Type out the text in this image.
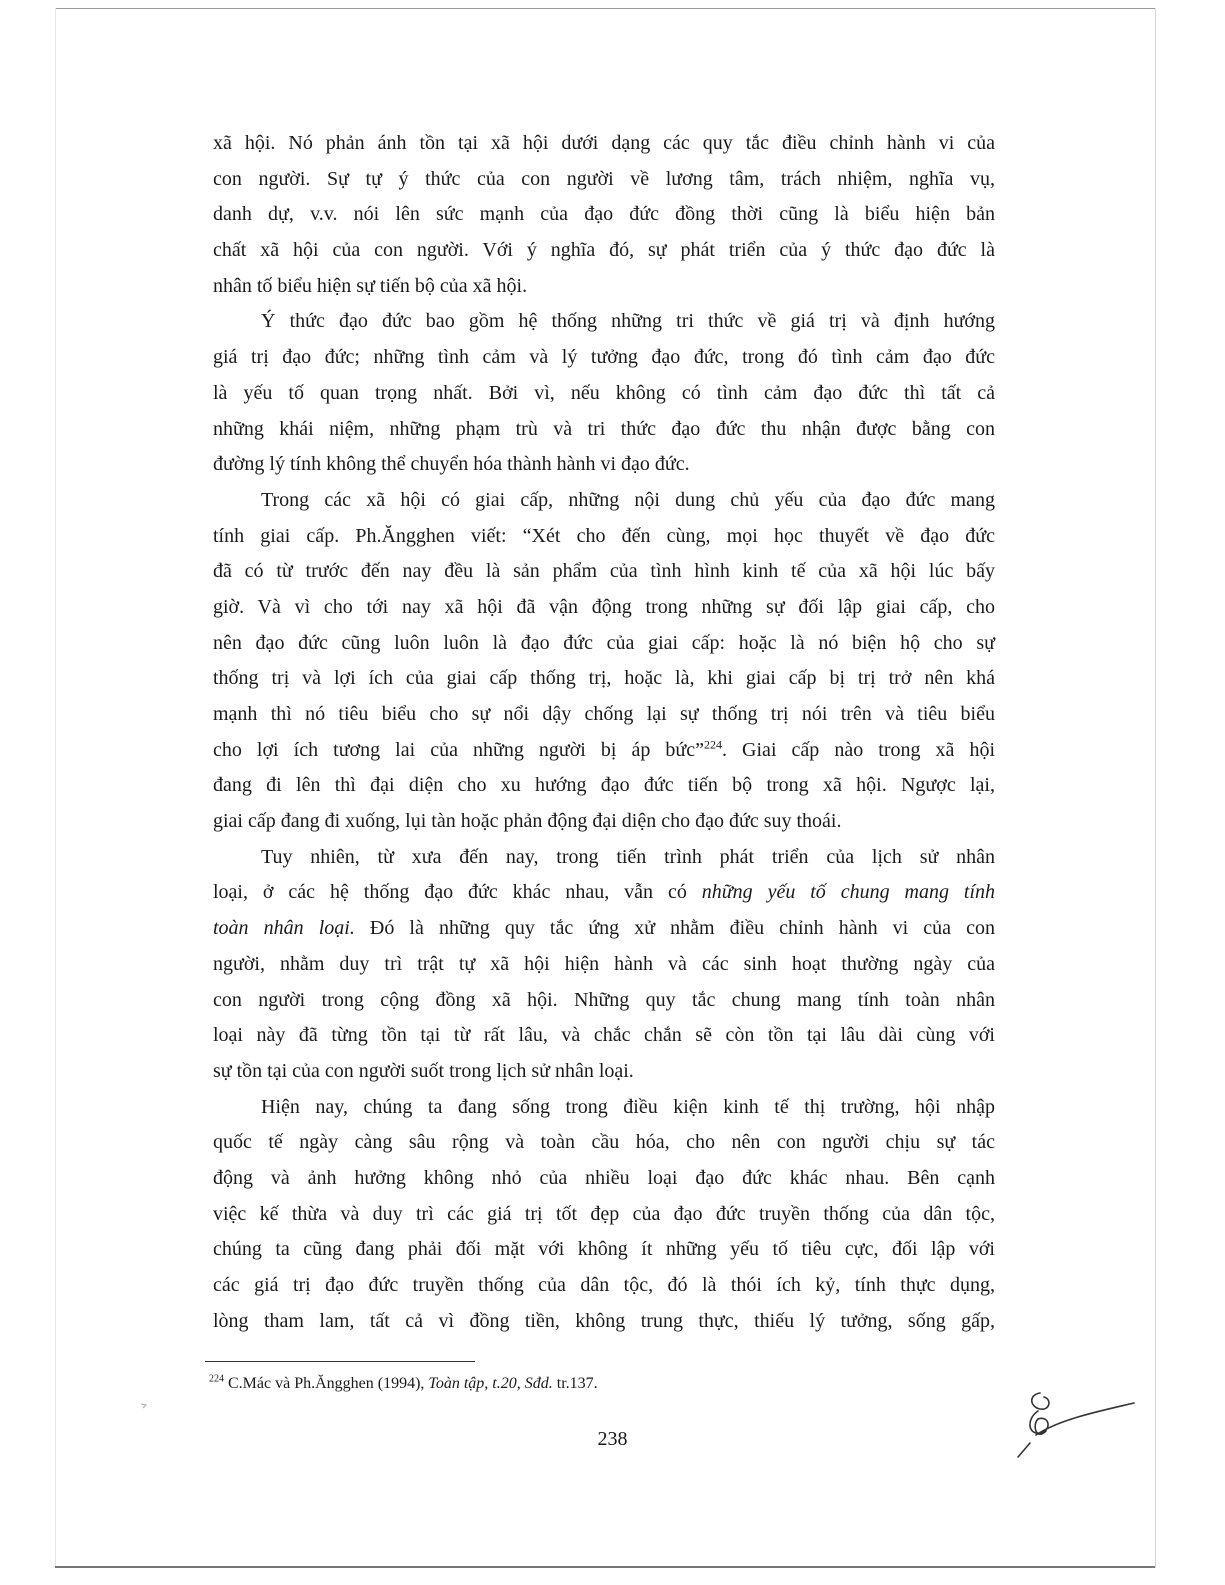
xã hội. Nó phản ánh tồn tại xã hội dưới dạng các quy tắc điều chỉnh hành vi của
con người. Sự tự ý thức của con người về lương tâm, trách nhiệm, nghĩa vụ,
danh dự, v.v. nói lên sức mạnh của đạo đức đồng thời cũng là biểu hiện bản
chất xã hội của con người. Với ý nghĩa đó, sự phát triển của ý thức đạo đức là
nhân tố biểu hiện sự tiến bộ của xã hội.
Ý thức đạo đức bao gồm hệ thống những tri thức về giá trị và định hướng
giá trị đạo đức; những tình cảm và lý tưởng đạo đức, trong đó tình cảm đạo đức
là yếu tố quan trọng nhất. Bởi vì, nếu không có tình cảm đạo đức thì tất cả
những khái niệm, những phạm trù và tri thức đạo đức thu nhận được bằng con
đường lý tính không thể chuyển hóa thành hành vi đạo đức.
Trong các xã hội có giai cấp, những nội dung chủ yếu của đạo đức mang
tính giai cấp. Ph.Ăngghen viết: “Xét cho đến cùng, mọi học thuyết về đạo đức
đã có từ trước đến nay đều là sản phẩm của tình hình kinh tế của xã hội lúc bấy
giờ. Và vì cho tới nay xã hội đã vận động trong những sự đối lập giai cấp, cho
nên đạo đức cũng luôn luôn là đạo đức của giai cấp: hoặc là nó biện hộ cho sự
thống trị và lợi ích của giai cấp thống trị, hoặc là, khi giai cấp bị trị trở nên khá
mạnh thì nó tiêu biểu cho sự nổi dậy chống lại sự thống trị nói trên và tiêu biểu
cho lợi ích tương lai của những người bị áp bức”$^{224}$. Giai cấp nào trong xã hội
đang đi lên thì đại diện cho xu hướng đạo đức tiến bộ trong xã hội. Ngược lại,
giai cấp đang đi xuống, lụi tàn hoặc phản động đại diện cho đạo đức suy thoái.
Tuy nhiên, từ xưa đến nay, trong tiến trình phát triển của lịch sử nhân
loại, ở các hệ thống đạo đức khác nhau, vẫn có những yếu tố chung mang tính
toàn nhân loại. Đó là những quy tắc ứng xử nhằm điều chỉnh hành vi của con
người, nhằm duy trì trật tự xã hội hiện hành và các sinh hoạt thường ngày của
con người trong cộng đồng xã hội. Những quy tắc chung mang tính toàn nhân
loại này đã từng tồn tại từ rất lâu, và chắc chắn sẽ còn tồn tại lâu dài cùng với
sự tồn tại của con người suốt trong lịch sử nhân loại.
Hiện nay, chúng ta đang sống trong điều kiện kinh tế thị trường, hội nhập
quốc tế ngày càng sâu rộng và toàn cầu hóa, cho nên con người chịu sự tác
động và ảnh hưởng không nhỏ của nhiều loại đạo đức khác nhau. Bên cạnh
việc kế thừa và duy trì các giá trị tốt đẹp của đạo đức truyền thống của dân tộc,
chúng ta cũng đang phải đối mặt với không ít những yếu tố tiêu cực, đối lập với
các giá trị đạo đức truyền thống của dân tộc, đó là thói ích kỷ, tính thực dụng,
lòng tham lam, tất cả vì đồng tiền, không trung thực, thiếu lý tưởng, sống gấp,
$^{224}$ C.Mác và Ph.Ăngghen (1994), Toàn tập, t.20, Sđd. tr.137.
238
